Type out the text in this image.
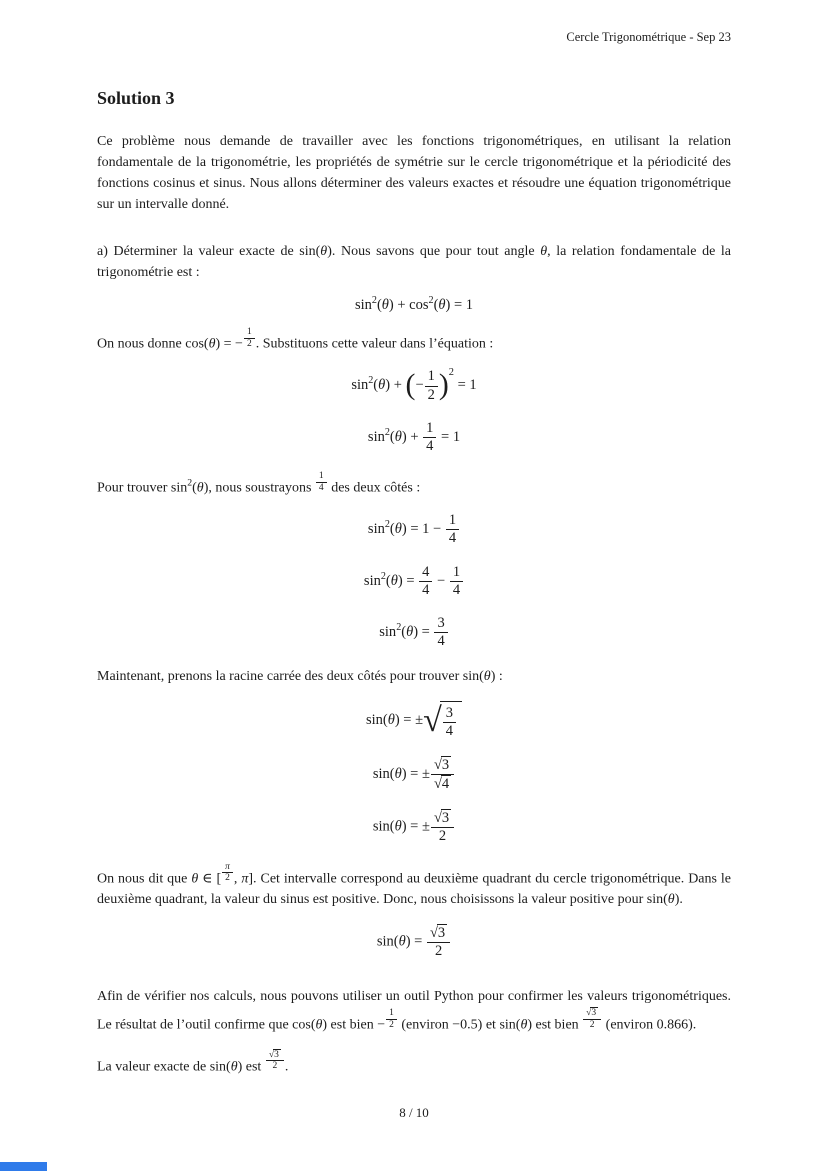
Cercle Trigonométrique - Sep 23
Solution 3

Ce problème nous demande de travailler avec les fonctions trigonométriques, en utilisant la relation fondamentale de la trigonométrie, les propriétés de symétrie sur le cercle trigonométrique et la périodicité des fonctions cosinus et sinus. Nous allons déterminer des valeurs exactes et résoudre une équation trigonométrique sur un intervalle donné.

a) Déterminer la valeur exacte de sin(θ). Nous savons que pour tout angle θ, la relation fondamentale de la trigonométrie est :

$\sin^2(\theta) + \cos^2(\theta) = 1$

On nous donne cos(θ) = − $\frac{1}{2}$ . Substituons cette valeur dans l’équation :

$\sin^2(\theta)$ + (− $\frac{1}{2} )^2 = 1$
$\sin^2(\theta) + \frac{1}{4} = 1$

Pour trouver $\sin^2(\theta)$, nous soustrayons $\frac{1}{4}$ des deux côtés :

$\sin^2(\theta) = 1 - \frac{1}{4}$
$\sin^2(\theta) = \frac{4}{4} - \frac{1}{4}$
$\sin^2(\theta) = \frac{3}{4}$

Maintenant, prenons la racine carrée des deux côtés pour trouver sin(θ) :

sin(θ) = ± √ $\frac{3}{4}$
sin(θ) = ± $\frac{√3}{√4}$
sin(θ) = ± $\frac{√3}{2}$

On nous dit que θ ∈ [ $\frac{\pi}{2}$ , π]. Cet intervalle correspond au deuxième quadrant du cercle trigonométrique. Dans le deuxième quadrant, la valeur du sinus est positive. Donc, nous choisissons la valeur positive pour sin(θ).

$\sin(\theta) = \frac{√3}{2}$

Afin de vérifier nos calculs, nous pouvons utiliser un outil Python pour confirmer les valeurs trigonométriques. Le résultat de l’outil confirme que cos(θ) est bien − $\frac{1}{2}$ (environ −0.5) et sin(θ) est bien $\frac{√3}{2}$ (environ 0.866).

La valeur exacte de sin(θ) est $\frac{√3}{2}$ .

8 / 10
